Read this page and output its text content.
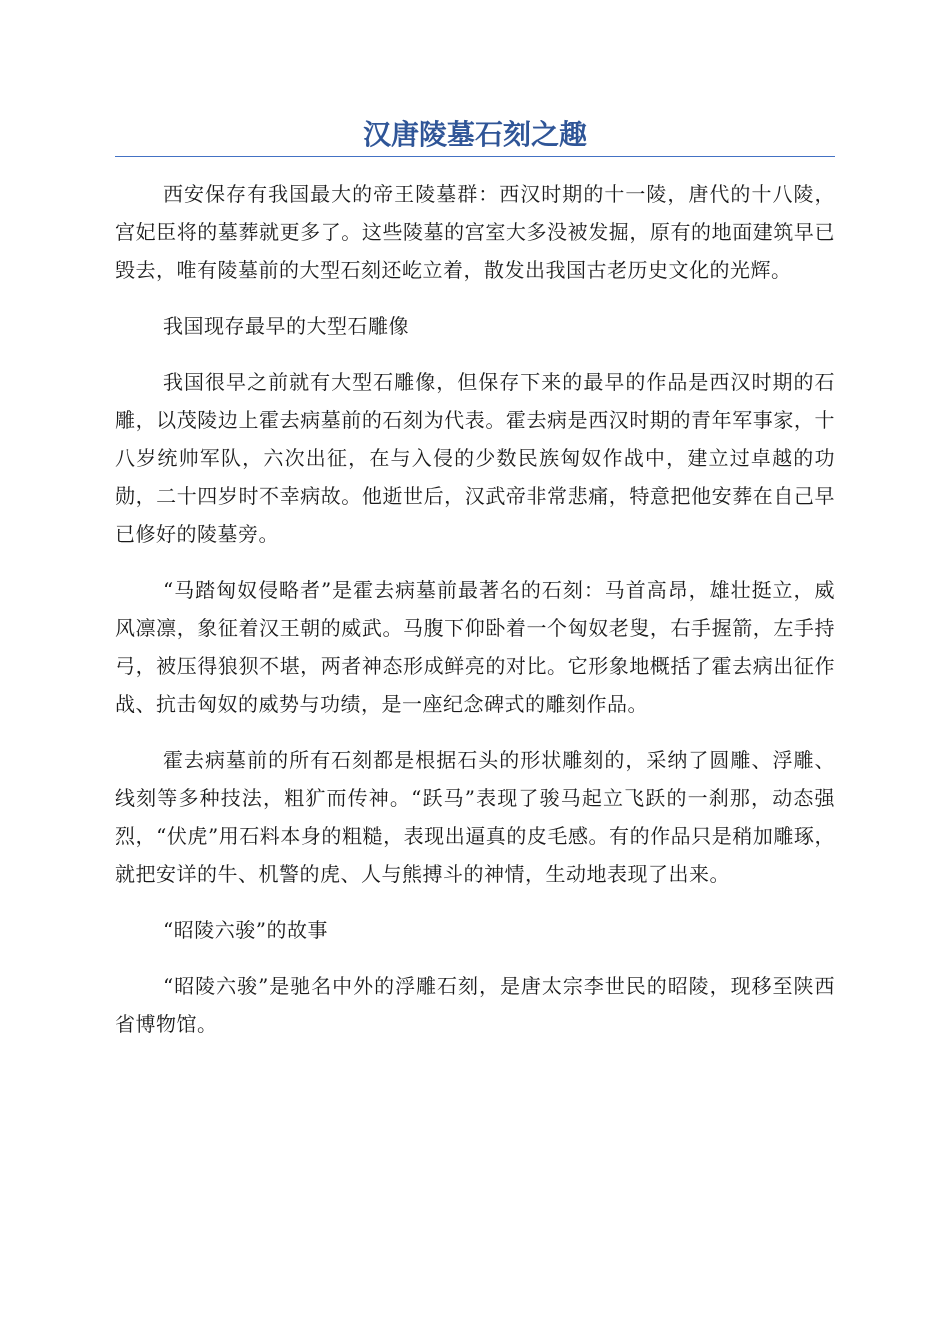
汉唐陵墓石刻之趣

西安保存有我国最大的帝王陵墓群：西汉时期的十一陵，唐代的十八陵，宫妃臣将的墓葬就更多了。这些陵墓的宫室大多没被发掘，原有的地面建筑早已毁去，唯有陵墓前的大型石刻还屹立着，散发出我国古老历史文化的光辉。

我国现存最早的大型石雕像

我国很早之前就有大型石雕像，但保存下来的最早的作品是西汉时期的石雕，以茂陵边上霍去病墓前的石刻为代表。霍去病是西汉时期的青年军事家，十八岁统帅军队，六次出征，在与入侵的少数民族匈奴作战中，建立过卓越的功勋，二十四岁时不幸病故。他逝世后，汉武帝非常悲痛，特意把他安葬在自己早已修好的陵墓旁。

“马踏匈奴侵略者”是霍去病墓前最著名的石刻：马首高昂，雄壮挺立，威风凛凛，象征着汉王朝的威武。马腹下仰卧着一个匈奴老叟，右手握箭，左手持弓，被压得狼狈不堪，两者神态形成鲜亮的对比。它形象地概括了霍去病出征作战、抗击匈奴的威势与功绩，是一座纪念碑式的雕刻作品。

霍去病墓前的所有石刻都是根据石头的形状雕刻的，采纳了圆雕、浮雕、线刻等多种技法，粗犷而传神。“跃马”表现了骏马起立飞跃的一刹那，动态强烈，“伏虎”用石料本身的粗糙，表现出逼真的皮毛感。有的作品只是稍加雕琢，就把安详的牛、机警的虎、人与熊搏斗的神情，生动地表现了出来。

“昭陵六骏”的故事

“昭陵六骏”是驰名中外的浮雕石刻，是唐太宗李世民的昭陵，现移至陕西省博物馆。
